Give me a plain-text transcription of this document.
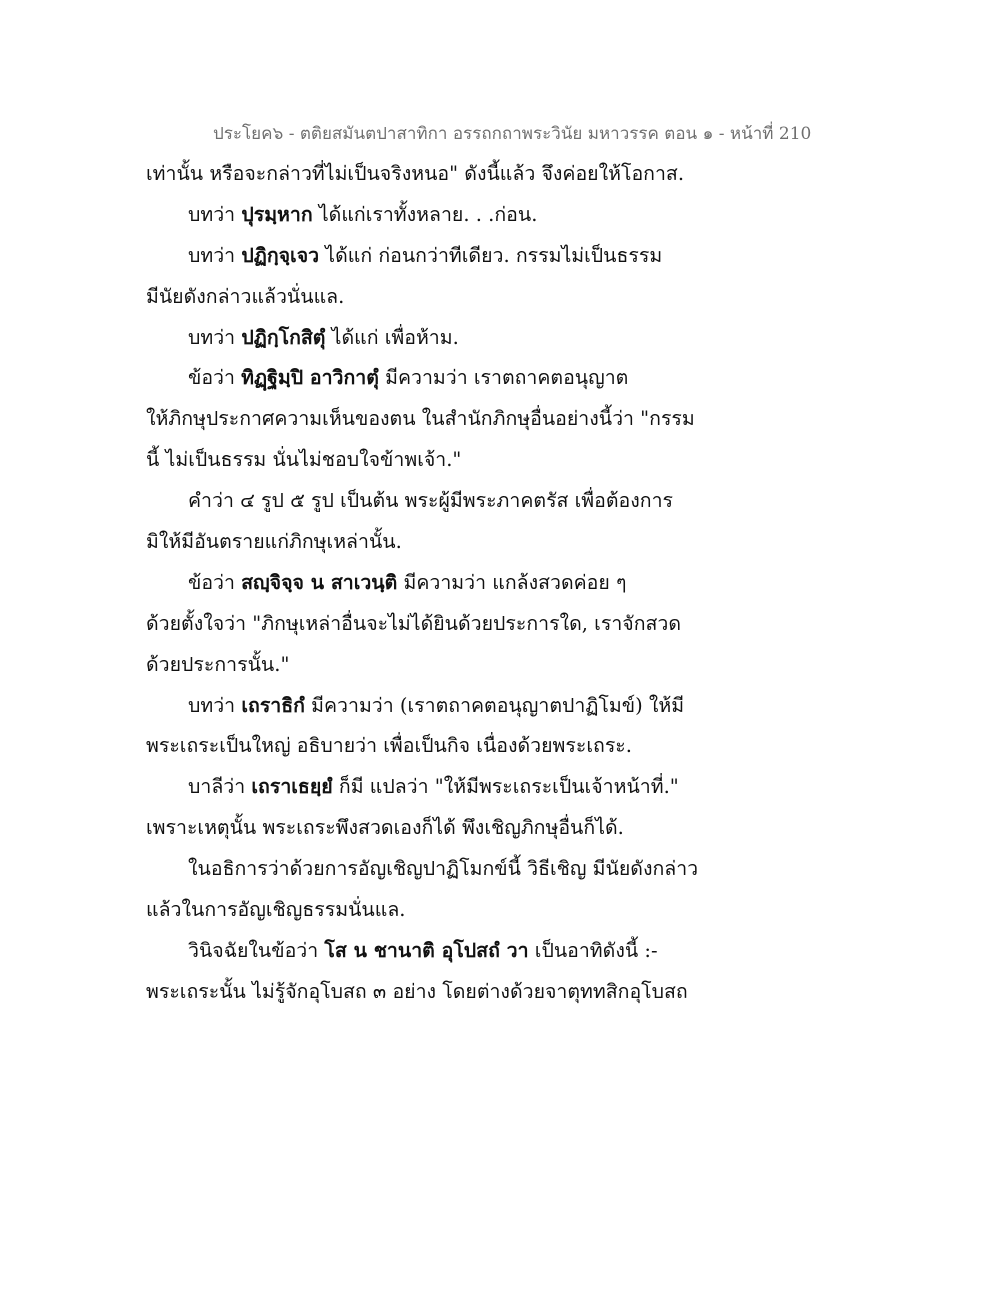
ประโยค๖ - ตติยสมันตปาสาทิกา อรรถกถาพระวินัย มหาวรรค ตอน ๑ - หน้าที่ 210
เท่านั้น หรือจะกล่าวที่ไม่เป็นจริงหนอ" ดังนี้แล้ว จึงค่อยให้โอกาส.
บทว่า ปุรมฺหาก ได้แก่เราทั้งหลาย. . .ก่อน.
บทว่า ปฏิกฺจฺเจว ได้แก่ ก่อนกว่าทีเดียว. กรรมไม่เป็นธรรม
มีนัยดังกล่าวแล้วนั่นแล.
บทว่า ปฏิกฺโกสิตุํ ได้แก่ เพื่อห้าม.
ข้อว่า ทิฏฺฐิมฺปิ อาวิกาตุํ มีความว่า เราตถาคตอนุญาต
ให้ภิกษุประกาศความเห็นของตน ในสำนักภิกษุอื่นอย่างนี้ว่า "กรรม
นี้ ไม่เป็นธรรม นั่นไม่ชอบใจข้าพเจ้า."
คำว่า ๔ รูป ๕ รูป เป็นต้น พระผู้มีพระภาคตรัส เพื่อต้องการ
มิให้มีอันตรายแก่ภิกษุเหล่านั้น.
ข้อว่า สญฺจิจฺจ น สาเวนฺติ มีความว่า แกล้งสวดค่อย ๆ
ด้วยตั้งใจว่า "ภิกษุเหล่าอื่นจะไม่ได้ยินด้วยประการใด, เราจักสวด
ด้วยประการนั้น."
บทว่า เถราธิกํ มีความว่า (เราตถาคตอนุญาตปาฏิโมข์) ให้มี
พระเถระเป็นใหญ่ อธิบายว่า เพื่อเป็นกิจ เนื่องด้วยพระเถระ.
บาลีว่า เถราเธยฺยํ ก็มี แปลว่า "ให้มีพระเถระเป็นเจ้าหน้าที่."
เพราะเหตุนั้น พระเถระพึงสวดเองก็ได้ พึงเชิญภิกษุอื่นก็ได้.
ในอธิการว่าด้วยการอัญเชิญปาฏิโมกข์นี้ วิธีเชิญ มีนัยดังกล่าว
แล้วในการอัญเชิญธรรมนั่นแล.
วินิจฉัยในข้อว่า โส น ชานาติ อุโปสถํ วา เป็นอาทิดังนี้ :-
พระเถระนั้น ไม่รู้จักอุโบสถ ๓ อย่าง โดยต่างด้วยจาตุททสิกอุโบสถ
